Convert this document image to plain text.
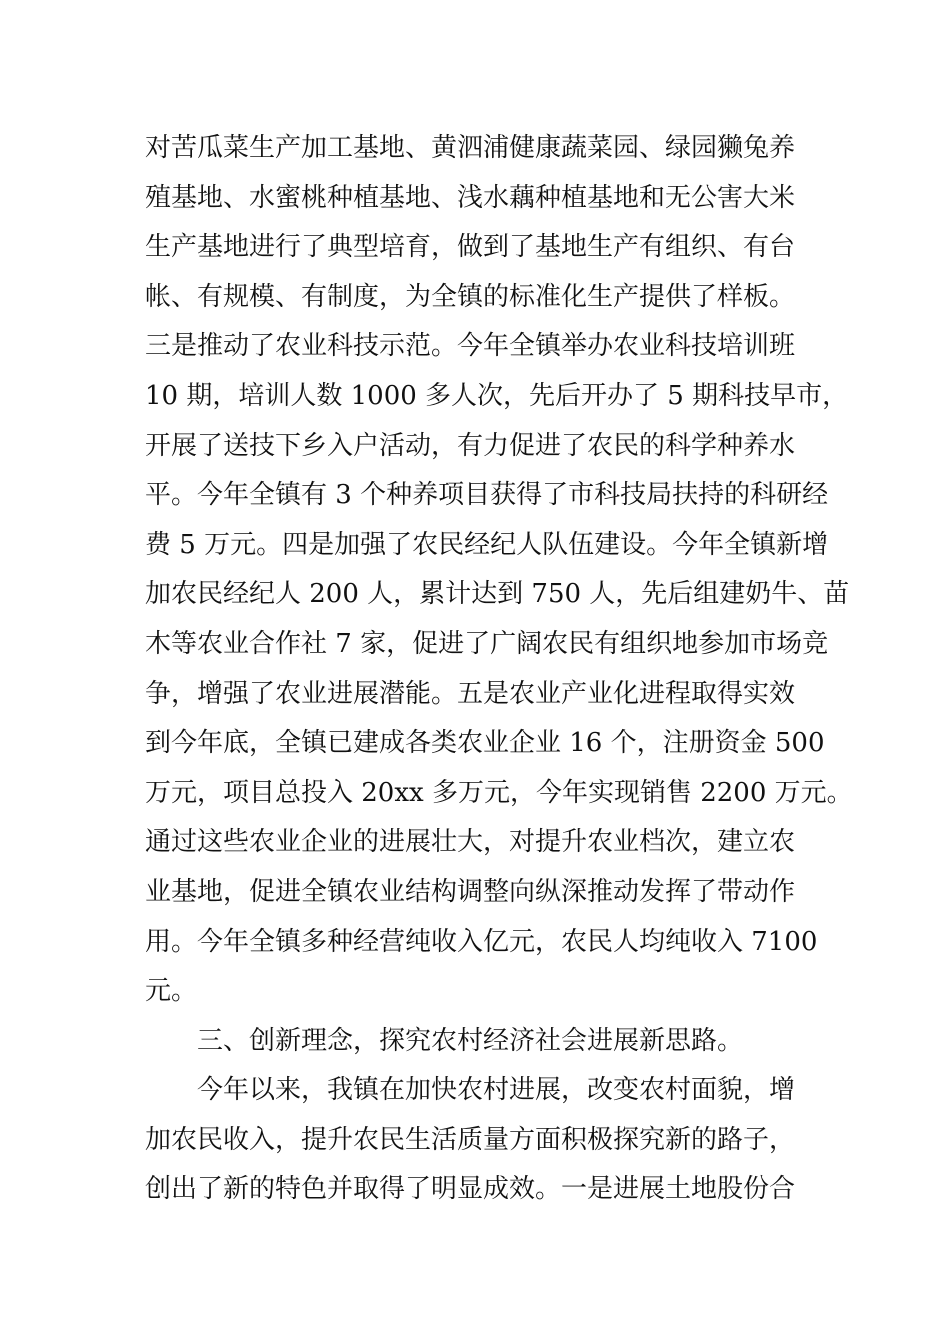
对苦瓜菜生产加工基地、黄泗浦健康蔬菜园、绿园獭兔养
殖基地、水蜜桃种植基地、浅水藕种植基地和无公害大米
生产基地进行了典型培育，做到了基地生产有组织、有台
帐、有规模、有制度，为全镇的标准化生产提供了样板。
三是推动了农业科技示范。今年全镇举办农业科技培训班
10 期，培训人数 1000 多人次，先后开办了 5 期科技早市，
开展了送技下乡入户活动，有力促进了农民的科学种养水
平。今年全镇有 3 个种养项目获得了市科技局扶持的科研经
费 5 万元。四是加强了农民经纪人队伍建设。今年全镇新增
加农民经纪人 200 人，累计达到 750 人，先后组建奶牛、苗
木等农业合作社 7 家，促进了广阔农民有组织地参加市场竞
争，增强了农业进展潜能。五是农业产业化进程取得实效
到今年底，全镇已建成各类农业企业 16 个，注册资金 500
万元，项目总投入 20xx 多万元，今年实现销售 2200 万元。
通过这些农业企业的进展壮大，对提升农业档次，建立农
业基地，促进全镇农业结构调整向纵深推动发挥了带动作
用。今年全镇多种经营纯收入亿元，农民人均纯收入 7100
元。
三、创新理念，探究农村经济社会进展新思路。
今年以来，我镇在加快农村进展，改变农村面貌，增
加农民收入，提升农民生活质量方面积极探究新的路子，
创出了新的特色并取得了明显成效。一是进展土地股份合
